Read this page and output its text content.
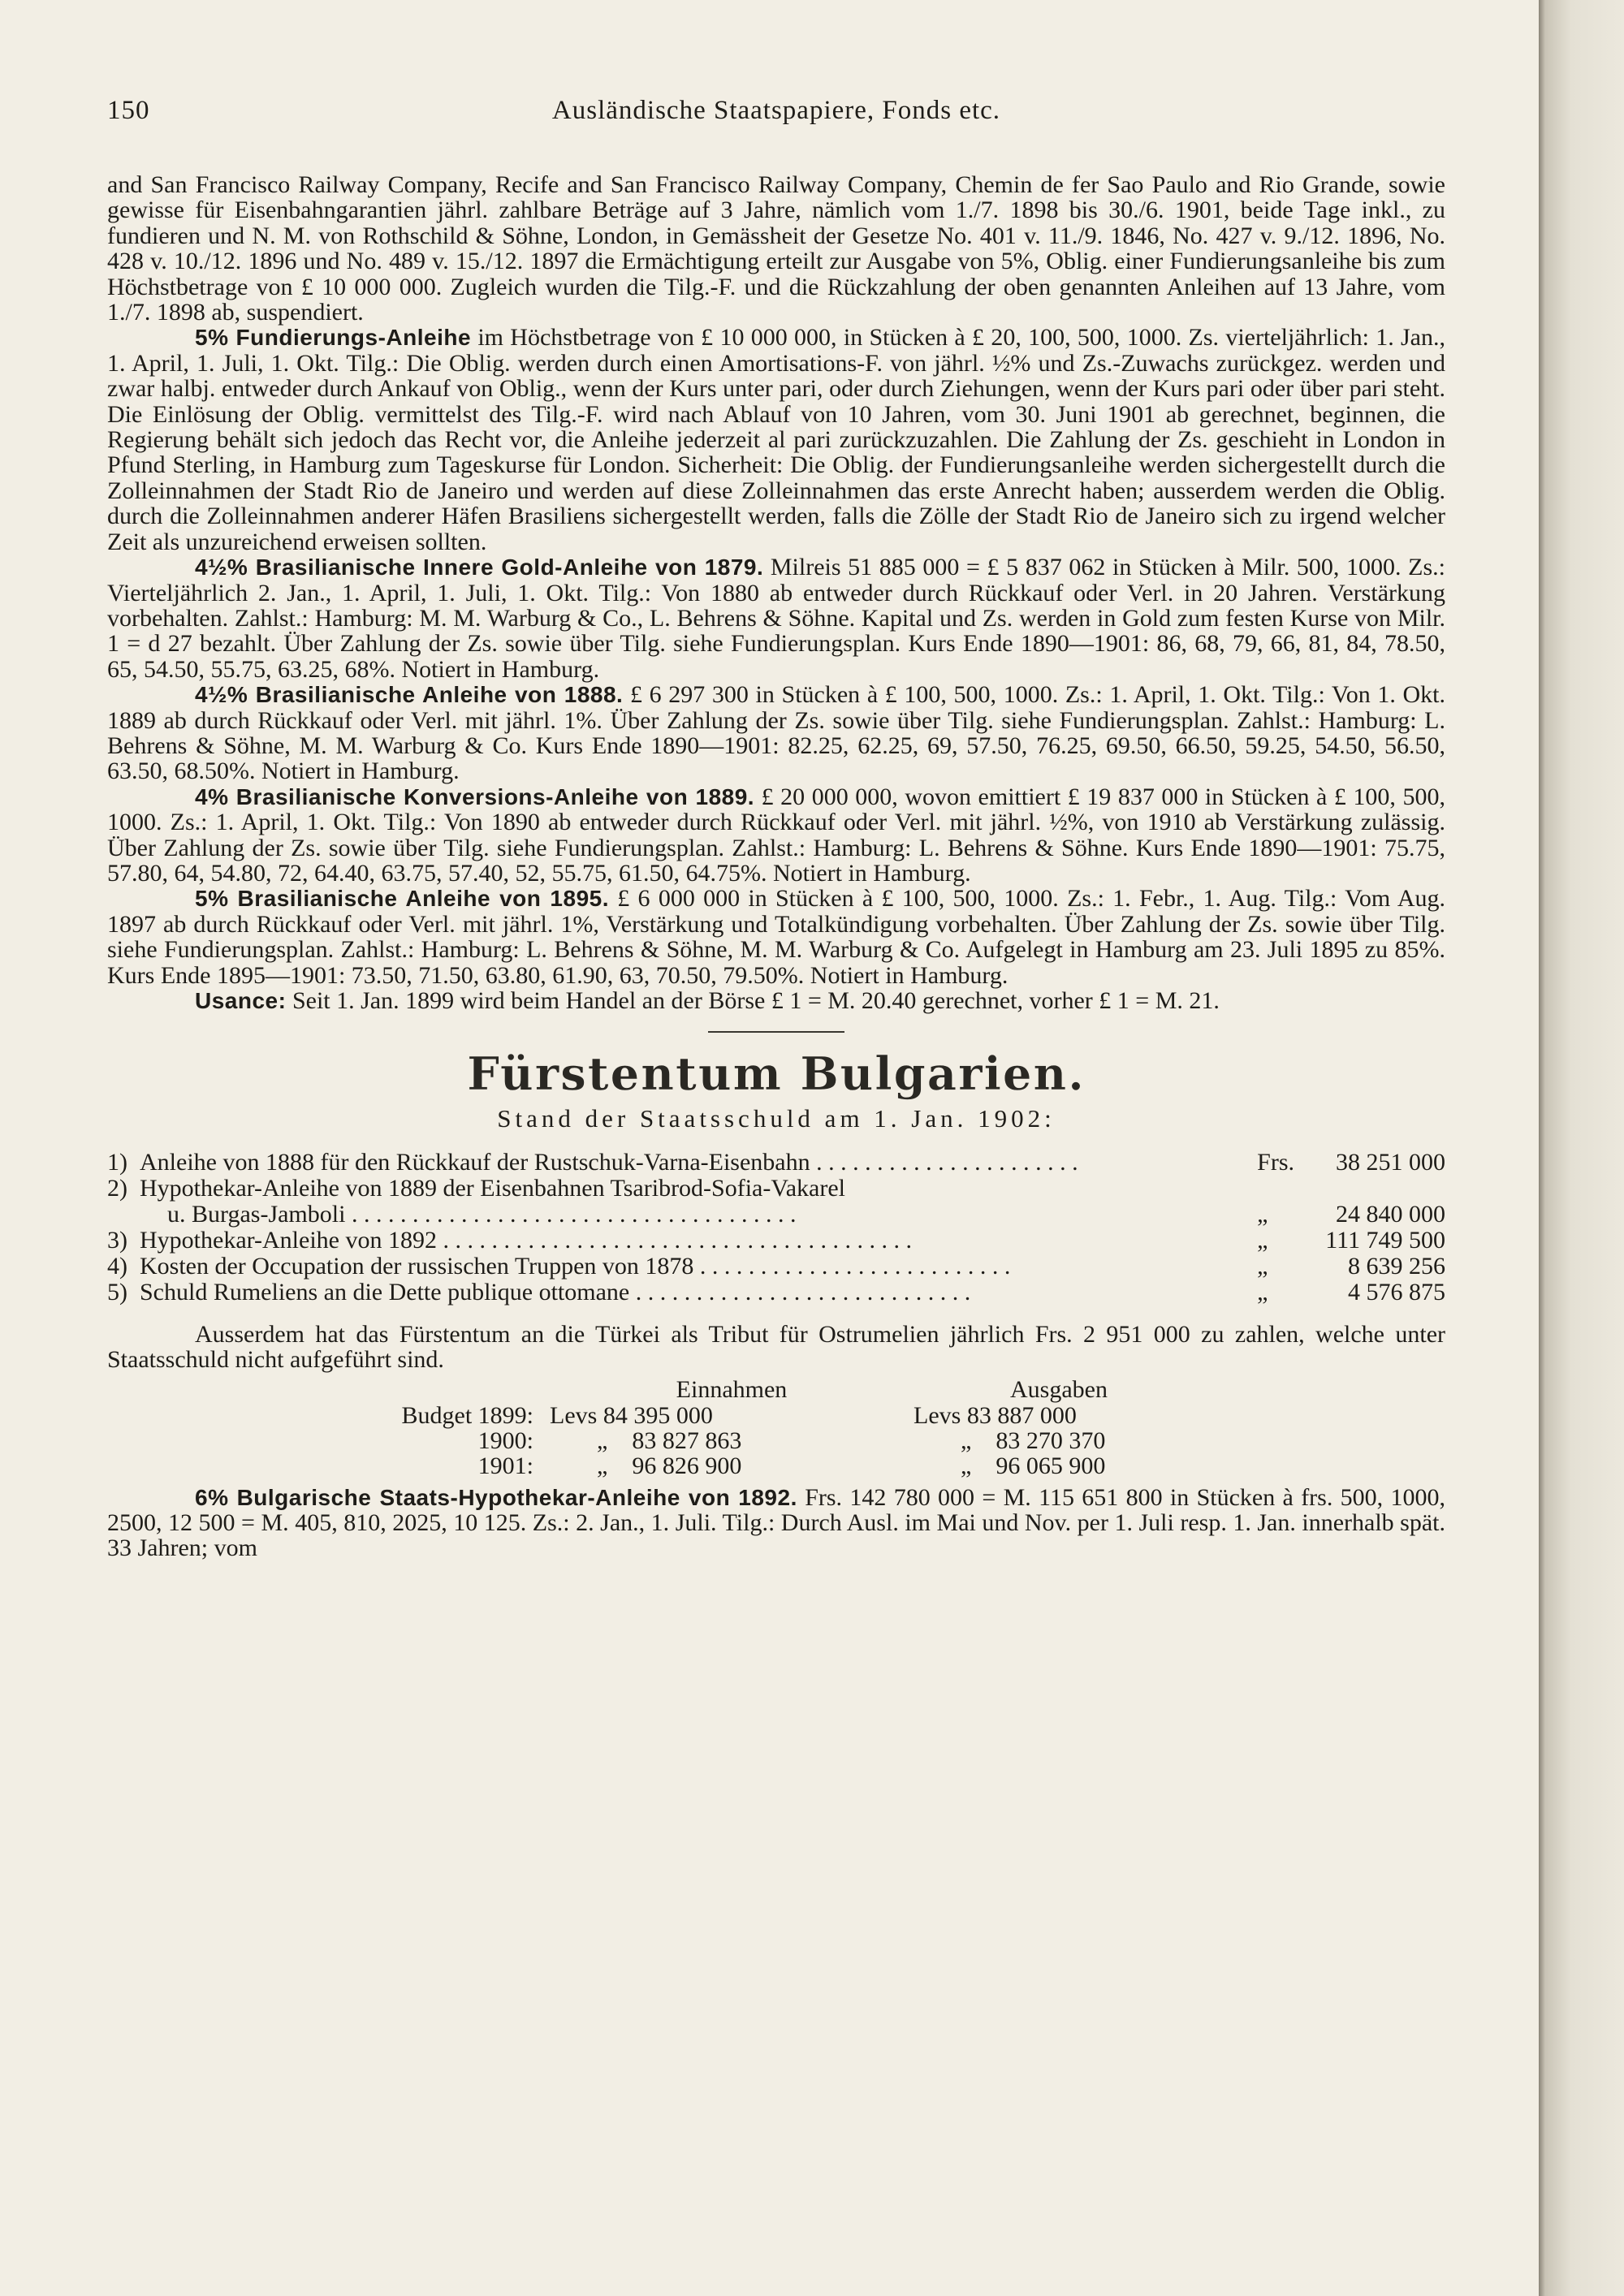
150	Ausländische Staatspapiere, Fonds etc.

and San Francisco Railway Company, Recife and San Francisco Railway Company, Chemin de fer Sao Paulo and Rio Grande, sowie gewisse für Eisenbahngarantien jährl. zahlbare Beträge auf 3 Jahre, nämlich vom 1./7. 1898 bis 30./6. 1901, beide Tage inkl., zu fundieren und N. M. von Rothschild & Söhne, London, in Gemässheit der Gesetze No. 401 v. 11./9. 1846, No. 427 v. 9./12. 1896, No. 428 v. 10./12. 1896 und No. 489 v. 15./12. 1897 die Ermächtigung erteilt zur Ausgabe von 5%, Oblig. einer Fundierungsanleihe bis zum Höchstbetrage von £ 10 000 000. Zugleich wurden die Tilg.-F. und die Rückzahlung der oben genannten Anleihen auf 13 Jahre, vom 1./7. 1898 ab, suspendiert.

5% Fundierungs-Anleihe im Höchstbetrage von £ 10 000 000, in Stücken à £ 20, 100, 500, 1000. Zs. vierteljährlich: 1. Jan., 1. April, 1. Juli, 1. Okt. Tilg.: Die Oblig. werden durch einen Amortisations-F. von jährl. ½% und Zs.-Zuwachs zurückgez. werden und zwar halbj. entweder durch Ankauf von Oblig., wenn der Kurs unter pari, oder durch Ziehungen, wenn der Kurs pari oder über pari steht. Die Einlösung der Oblig. vermittelst des Tilg.-F. wird nach Ablauf von 10 Jahren, vom 30. Juni 1901 ab gerechnet, beginnen, die Regierung behält sich jedoch das Recht vor, die Anleihe jederzeit al pari zurückzuzahlen. Die Zahlung der Zs. geschieht in London in Pfund Sterling, in Hamburg zum Tageskurse für London. Sicherheit: Die Oblig. der Fundierungsanleihe werden sichergestellt durch die Zolleinnahmen der Stadt Rio de Janeiro und werden auf diese Zolleinnahmen das erste Anrecht haben; ausserdem werden die Oblig. durch die Zolleinnahmen anderer Häfen Brasiliens sichergestellt werden, falls die Zölle der Stadt Rio de Janeiro sich zu irgend welcher Zeit als unzureichend erweisen sollten.

4½% Brasilianische Innere Gold-Anleihe von 1879. Milreis 51 885 000 = £ 5 837 062 in Stücken à Milr. 500, 1000. Zs.: Vierteljährlich 2. Jan., 1. April, 1. Juli, 1. Okt. Tilg.: Von 1880 ab entweder durch Rückkauf oder Verl. in 20 Jahren. Verstärkung vorbehalten. Zahlst.: Hamburg: M. M. Warburg & Co., L. Behrens & Söhne. Kapital und Zs. werden in Gold zum festen Kurse von Milr. 1 = d 27 bezahlt. Über Zahlung der Zs. sowie über Tilg. siehe Fundierungsplan. Kurs Ende 1890—1901: 86, 68, 79, 66, 81, 84, 78.50, 65, 54.50, 55.75, 63.25, 68%. Notiert in Hamburg.

4½% Brasilianische Anleihe von 1888. £ 6 297 300 in Stücken à £ 100, 500, 1000. Zs.: 1. April, 1. Okt. Tilg.: Von 1. Okt. 1889 ab durch Rückkauf oder Verl. mit jährl. 1%. Über Zahlung der Zs. sowie über Tilg. siehe Fundierungsplan. Zahlst.: Hamburg: L. Behrens & Söhne, M. M. Warburg & Co. Kurs Ende 1890—1901: 82.25, 62.25, 69, 57.50, 76.25, 69.50, 66.50, 59.25, 54.50, 56.50, 63.50, 68.50%. Notiert in Hamburg.

4% Brasilianische Konversions-Anleihe von 1889. £ 20 000 000, wovon emittiert £ 19 837 000 in Stücken à £ 100, 500, 1000. Zs.: 1. April, 1. Okt. Tilg.: Von 1890 ab entweder durch Rückkauf oder Verl. mit jährl. ½%, von 1910 ab Verstärkung zulässig. Über Zahlung der Zs. sowie über Tilg. siehe Fundierungsplan. Zahlst.: Hamburg: L. Behrens & Söhne. Kurs Ende 1890—1901: 75.75, 57.80, 64, 54.80, 72, 64.40, 63.75, 57.40, 52, 55.75, 61.50, 64.75%. Notiert in Hamburg.

5% Brasilianische Anleihe von 1895. £ 6 000 000 in Stücken à £ 100, 500, 1000. Zs.: 1. Febr., 1. Aug. Tilg.: Vom Aug. 1897 ab durch Rückkauf oder Verl. mit jährl. 1%, Verstärkung und Totalkündigung vorbehalten. Über Zahlung der Zs. sowie über Tilg. siehe Fundierungsplan. Zahlst.: Hamburg: L. Behrens & Söhne, M. M. Warburg & Co. Aufgelegt in Hamburg am 23. Juli 1895 zu 85%. Kurs Ende 1895—1901: 73.50, 71.50, 63.80, 61.90, 63, 70.50, 79.50%. Notiert in Hamburg.

Usance: Seit 1. Jan. 1899 wird beim Handel an der Börse £ 1 = M. 20.40 gerechnet, vorher £ 1 = M. 21.

Fürstentum Bulgarien.
Stand der Staatsschuld am 1. Jan. 1902:
1)	Anleihe von 1888 für den Rückkauf der Rustschuk-Varna-Eisenbahn . . . . . . . . . . . . . . . . . . . . . .	Frs.	38 251 000
2)	Hypothekar-Anleihe von 1889 der Eisenbahnen Tsaribrod-Sofia-Vakarel		
	u. Burgas-Jamboli . . . . . . . . . . . . . . . . . . . . . . . . . . . . . . . . . . . . .	„	24 840 000
3)	Hypothekar-Anleihe von 1892 . . . . . . . . . . . . . . . . . . . . . . . . . . . . . . . . . . . . . . .	„	111 749 500
4)	Kosten der Occupation der russischen Truppen von 1878 . . . . . . . . . . . . . . . . . . . . . . . . . .	„	8 639 256
5)	Schuld Rumeliens an die Dette publique ottomane . . . . . . . . . . . . . . . . . . . . . . . . . . . .	„	4 576 875

Ausserdem hat das Fürstentum an die Türkei als Tribut für Ostrumelien jährlich Frs. 2 951 000 zu zahlen, welche unter Staatsschuld nicht aufgeführt sind.

	Einnahmen	Ausgaben
Budget 1899:	Levs 84 395 000	Levs 83 887 000
1900:	„    83 827 863	„    83 270 370
1901:	„    96 826 900	„    96 065 900

6% Bulgarische Staats-Hypothekar-Anleihe von 1892. Frs. 142 780 000 = M. 115 651 800 in Stücken à frs. 500, 1000, 2500, 12 500 = M. 405, 810, 2025, 10 125. Zs.: 2. Jan., 1. Juli. Tilg.: Durch Ausl. im Mai und Nov. per 1. Juli resp. 1. Jan. innerhalb spät. 33 Jahren; vom
